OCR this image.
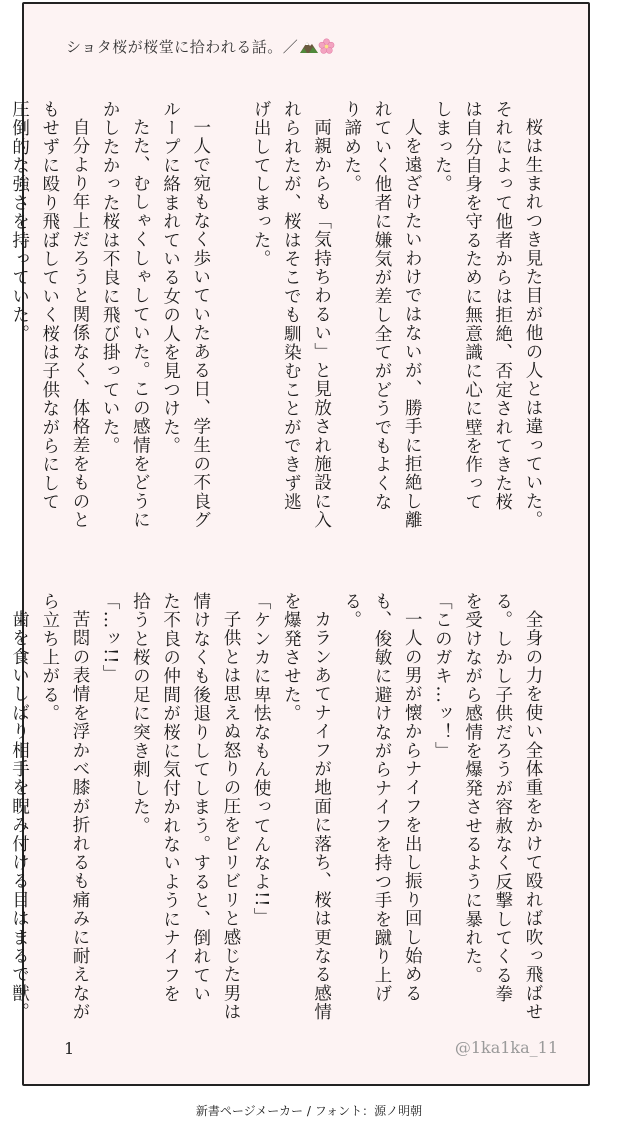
ショタ桜が桜堂に拾われる話。／

桜は生まれつき見た目が他の人とは違っていた。それによって他者からは拒絶、否定されてきた桜は自分自身を守るために無意識に心に壁を作ってしまった。

人を遠ざけたいわけではないが、勝手に拒絶し離れていく他者に嫌気が差し全てがどうでもよくなり諦めた。

両親からも「気持ちわるい」と見放され施設に入れられたが、桜はそこでも馴染むことができず逃げ出してしまった。

一人で宛もなく歩いていたある日、学生の不良グループに絡まれている女の人を見つけた。

たた、むしゃくしゃしていた。この感情をどうにかしたかった桜は不良に飛び掛っていた。

自分より年上だろうと関係なく、体格差をものともせずに殴り飛ばしていく桜は子供ながらにして圧倒的な強さを持っていた。

全身の力を使い全体重をかけて殴れば吹っ飛ばせる。しかし子供だろうが容赦なく反撃してくる拳を受けながら感情を爆発させるように暴れた。

「このガキ…ッ！」

一人の男が懐からナイフを出し振り回し始めるも、俊敏に避けながらナイフを持つ手を蹴り上げる。

カランあてナイフが地面に落ち、桜は更なる感情を爆発させた。

「ケンカに卑怯なもん使ってんなよ!!」

子供とは思えぬ怒りの圧をビリビリと感じた男は情けなくも後退りしてしまう。すると、倒れていた不良の仲間が桜に気付かれないようにナイフを拾うと桜の足に突き刺した。

「…ッ!!」

苦悶の表情を浮かべ膝が折れるも痛みに耐えながら立ち上がる。

歯を食いしばり相手を睨み付ける目はまるで獣。

1	@1ka1ka_11
新書ページメーカー / フォント：源ノ明朝
